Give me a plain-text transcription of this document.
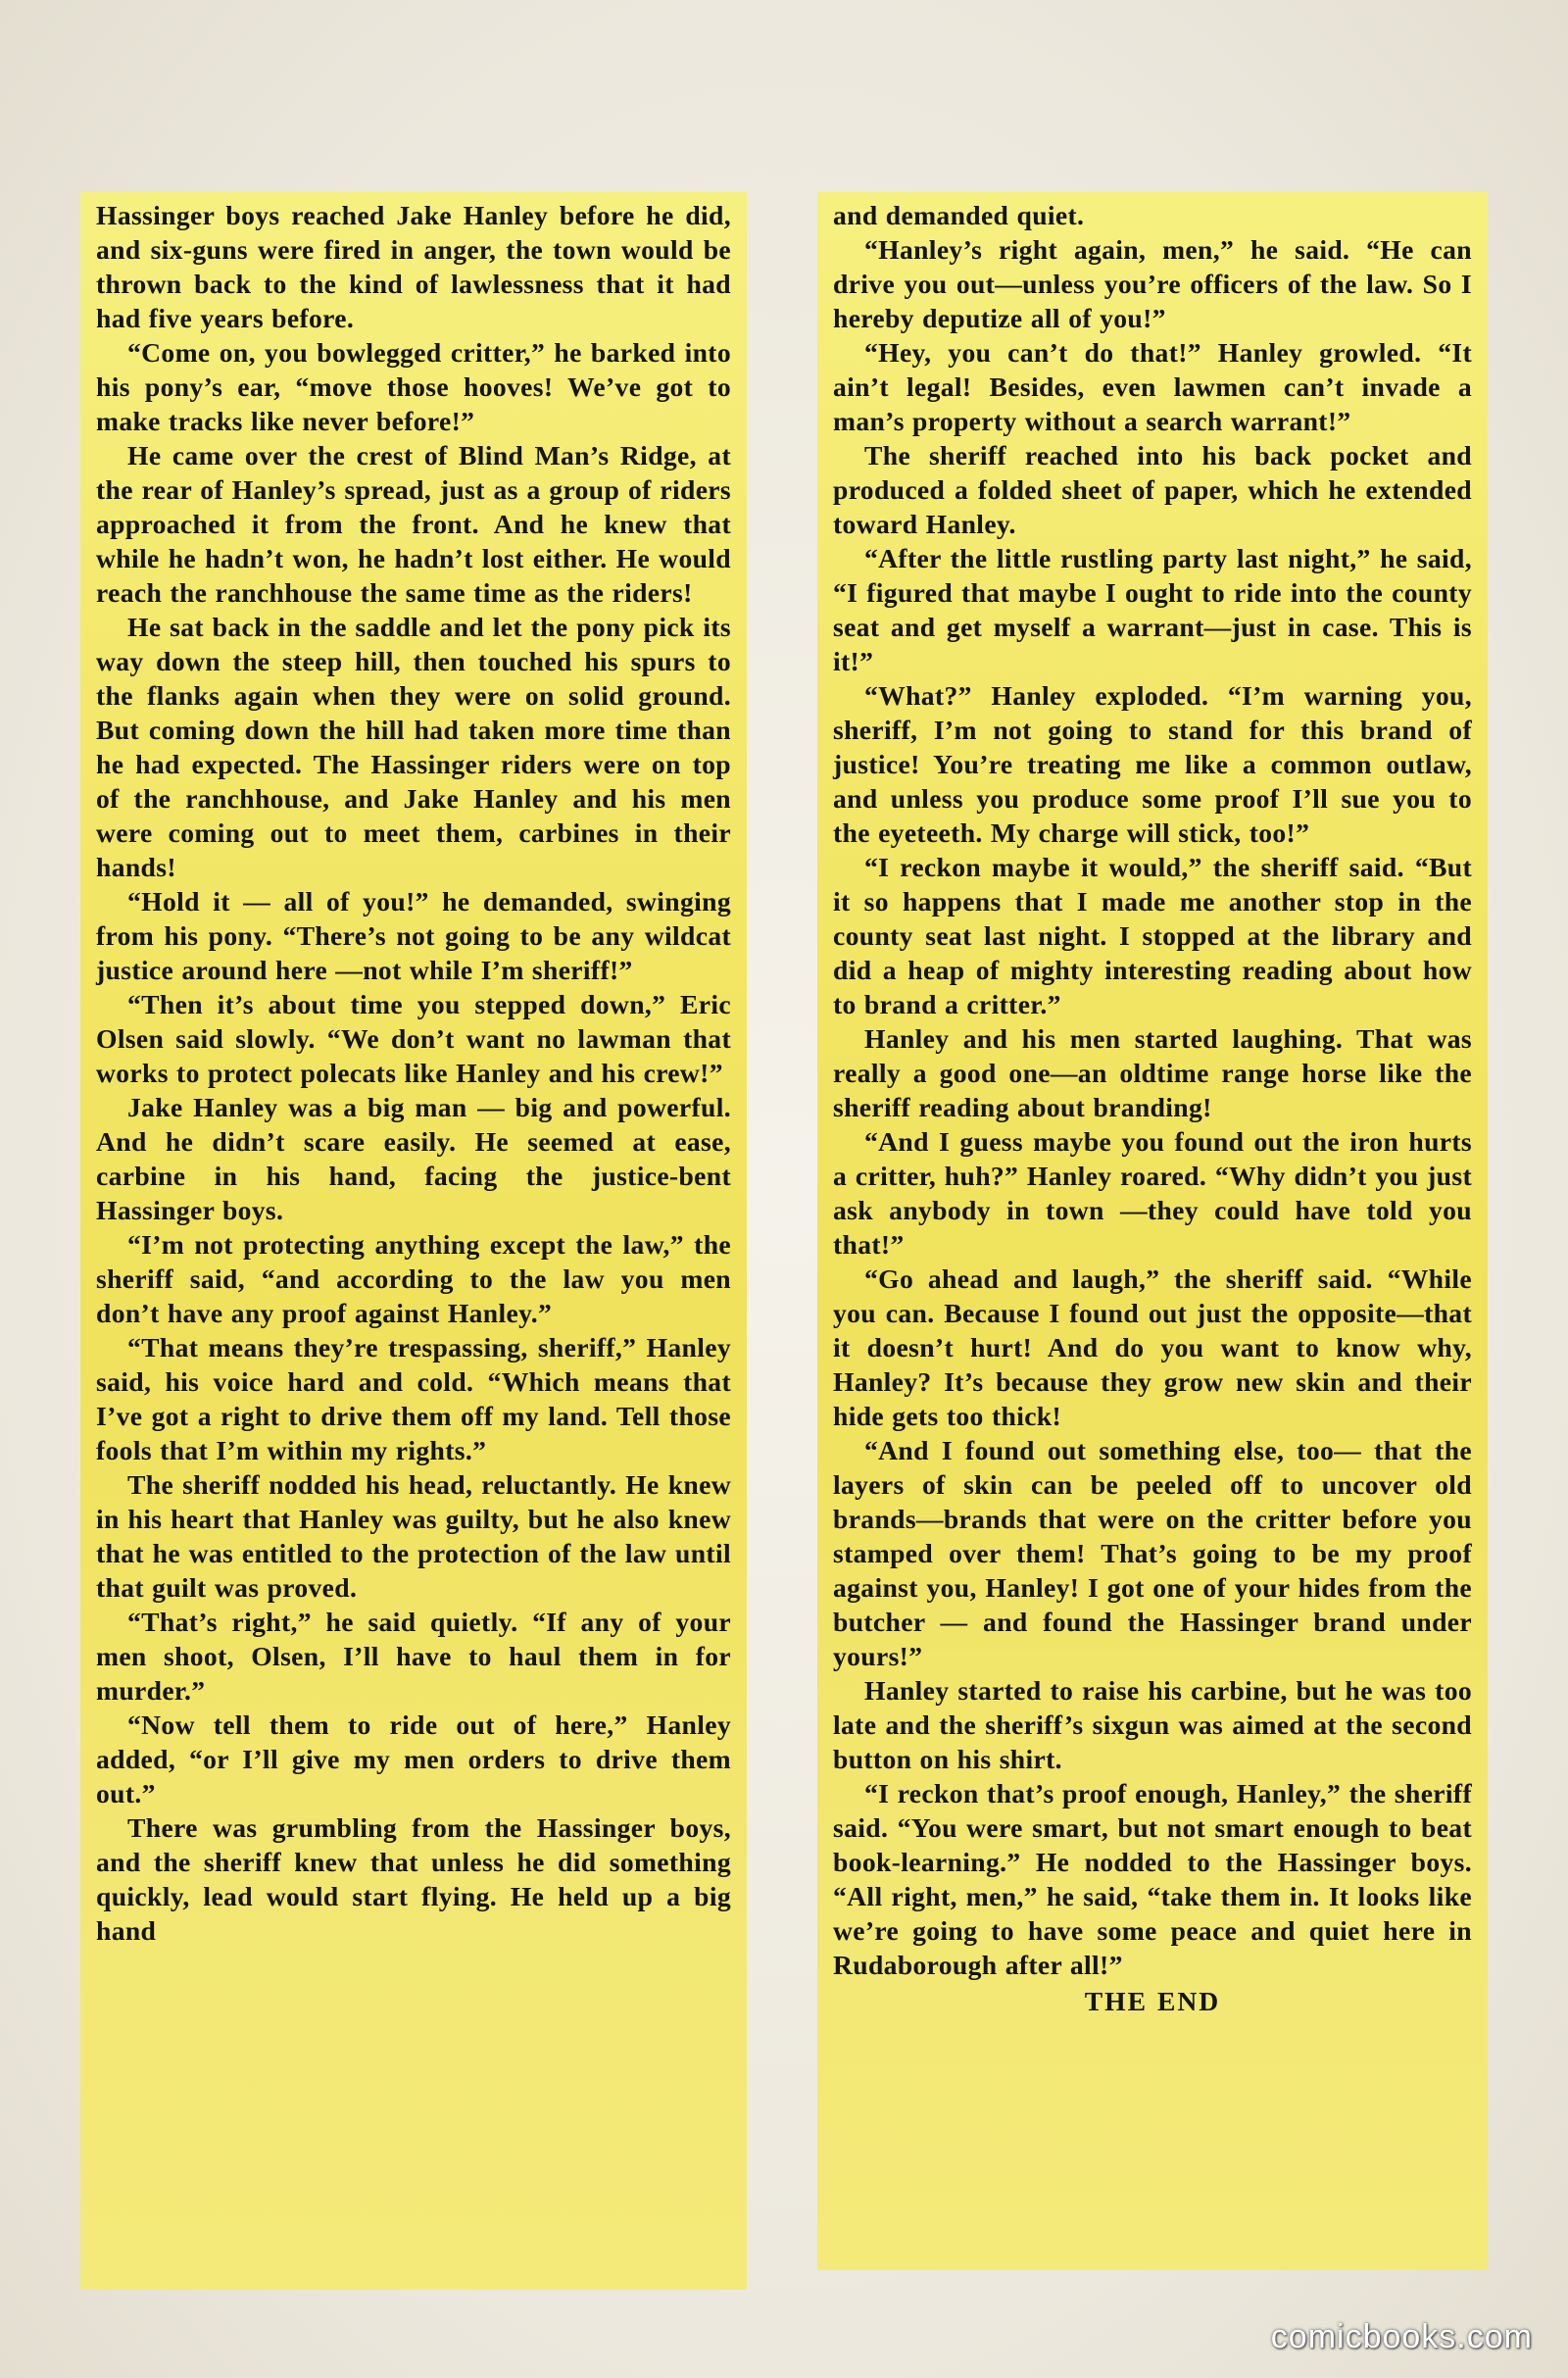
Hassinger boys reached Jake Hanley before he did, and six-guns were fired in anger, the town would be thrown back to the kind of lawlessness that it had had five years before.

“Come on, you bowlegged critter,” he barked into his pony’s ear, “move those hooves! We’ve got to make tracks like never before!”

He came over the crest of Blind Man’s Ridge, at the rear of Hanley’s spread, just as a group of riders approached it from the front. And he knew that while he hadn’t won, he hadn’t lost either. He would reach the ranchhouse the same time as the riders!

He sat back in the saddle and let the pony pick its way down the steep hill, then touched his spurs to the flanks again when they were on solid ground. But coming down the hill had taken more time than he had expected. The Hassinger riders were on top of the ranchhouse, and Jake Hanley and his men were coming out to meet them, carbines in their hands!

“Hold it — all of you!” he demanded, swinging from his pony. “There’s not going to be any wildcat justice around here —not while I’m sheriff!”

“Then it’s about time you stepped down,” Eric Olsen said slowly. “We don’t want no lawman that works to protect polecats like Hanley and his crew!”

Jake Hanley was a big man — big and powerful. And he didn’t scare easily. He seemed at ease, carbine in his hand, facing the justice-bent Hassinger boys.

“I’m not protecting anything except the law,” the sheriff said, “and according to the law you men don’t have any proof against Hanley.”

“That means they’re trespassing, sheriff,” Hanley said, his voice hard and cold. “Which means that I’ve got a right to drive them off my land. Tell those fools that I’m within my rights.”

The sheriff nodded his head, reluctantly. He knew in his heart that Hanley was guilty, but he also knew that he was entitled to the protection of the law until that guilt was proved.

“That’s right,” he said quietly. “If any of your men shoot, Olsen, I’ll have to haul them in for murder.”

“Now tell them to ride out of here,” Hanley added, “or I’ll give my men orders to drive them out.”

There was grumbling from the Hassinger boys, and the sheriff knew that unless he did something quickly, lead would start flying. He held up a big hand

and demanded quiet.

“Hanley’s right again, men,” he said. “He can drive you out—unless you’re officers of the law. So I hereby deputize all of you!”

“Hey, you can’t do that!” Hanley growled. “It ain’t legal! Besides, even lawmen can’t invade a man’s property without a search warrant!”

The sheriff reached into his back pocket and produced a folded sheet of paper, which he extended toward Hanley.

“After the little rustling party last night,” he said, “I figured that maybe I ought to ride into the county seat and get myself a warrant—just in case. This is it!”

“What?” Hanley exploded. “I’m warning you, sheriff, I’m not going to stand for this brand of justice! You’re treating me like a common outlaw, and unless you produce some proof I’ll sue you to the eyeteeth. My charge will stick, too!”

“I reckon maybe it would,” the sheriff said. “But it so happens that I made me another stop in the county seat last night. I stopped at the library and did a heap of mighty interesting reading about how to brand a critter.”

Hanley and his men started laughing. That was really a good one—an oldtime range horse like the sheriff reading about branding!

“And I guess maybe you found out the iron hurts a critter, huh?” Hanley roared. “Why didn’t you just ask anybody in town —they could have told you that!”

“Go ahead and laugh,” the sheriff said. “While you can. Because I found out just the opposite—that it doesn’t hurt! And do you want to know why, Hanley? It’s because they grow new skin and their hide gets too thick!

“And I found out something else, too— that the layers of skin can be peeled off to uncover old brands—brands that were on the critter before you stamped over them! That’s going to be my proof against you, Hanley! I got one of your hides from the butcher — and found the Hassinger brand under yours!”

Hanley started to raise his carbine, but he was too late and the sheriff’s sixgun was aimed at the second button on his shirt.

“I reckon that’s proof enough, Hanley,” the sheriff said. “You were smart, but not smart enough to beat book-learning.” He nodded to the Hassinger boys. “All right, men,” he said, “take them in. It looks like we’re going to have some peace and quiet here in Rudaborough after all!”

THE END

comicbooks.com
